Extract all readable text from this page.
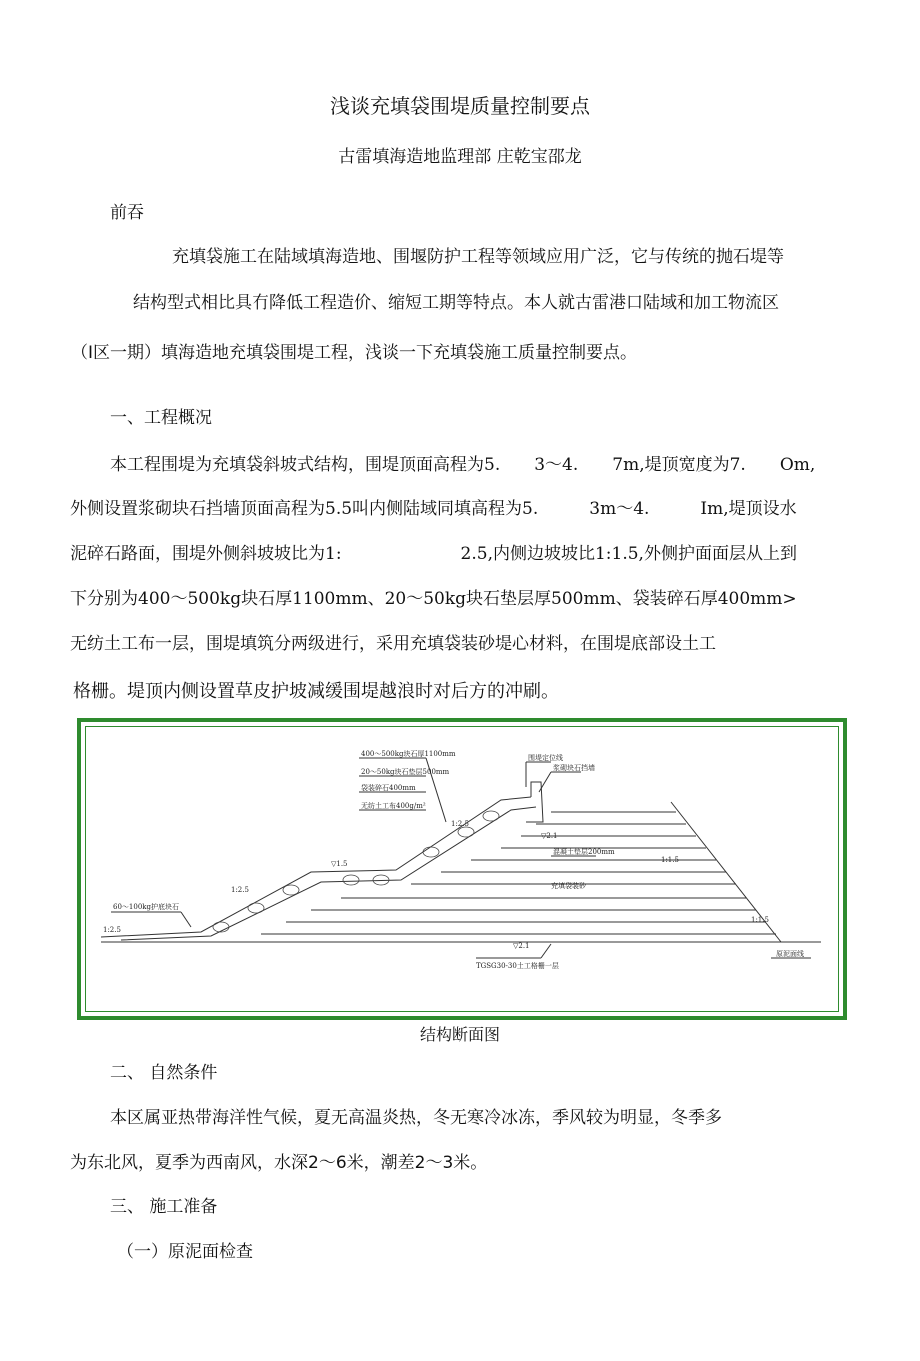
浅谈充填袋围堤质量控制要点
古雷填海造地监理部 庄乾宝邵龙
前吞
充填袋施工在陆域填海造地、围堰防护工程等领域应用广泛，它与传统的抛石堤等
结构型式相比具冇降低工程造价、缩短工期等特点。本人就古雷港口陆域和加工物流区
（I区一期）填海造地充填袋围堤工程，浅谈一下充填袋施工质量控制要点。
一、工程概况
本工程围堤为充填袋斜坡式结构，围堤顶面高程为5.　　3～4.　　7m,堤顶宽度为7.　　Om,
外侧设置浆砌块石挡墙顶面高程为5.5叫内侧陆域同填高程为5.　　　3m～4.　　　Im,堤顶设水
泥碎石路面，围堤外侧斜坡坡比为1:　　　　　　　2.5,内侧边坡坡比1:1.5,外侧护面面层从上到
下分别为400～500kg块石厚1100mm、20～50kg块石垫层厚500mm、袋装碎石厚400mm>
无纺土工布一层，围堤填筑分两级进行，采用充填袋装砂堤心材料，在围堤底部设土工
格栅。堤顶内侧设置草皮护坡减缓围堤越浪时对后方的冲刷。
400～500kg块石厚1100mm
20～50kg块石垫层500mm
袋装碎石400mm
无纺土工布400g/m²
60～100kg护底块石
围堤定位线
浆砌块石挡墙
混凝土垫层200mm
充填袋装砂
TGSG30-30土工格栅一层
原泥面线
1:2.5
1:2.5
1:1.5
1:1.5
1:2.5
▽1.5
▽2.1
▽2.1
结构断面图
二、 自然条件
本区属亚热带海洋性气候，夏无高温炎热，冬无寒冷冰冻，季风较为明显，冬季多
为东北风，夏季为西南风，水深2～6米，潮差2～3米。
三、 施工准备
（一）原泥面检查
